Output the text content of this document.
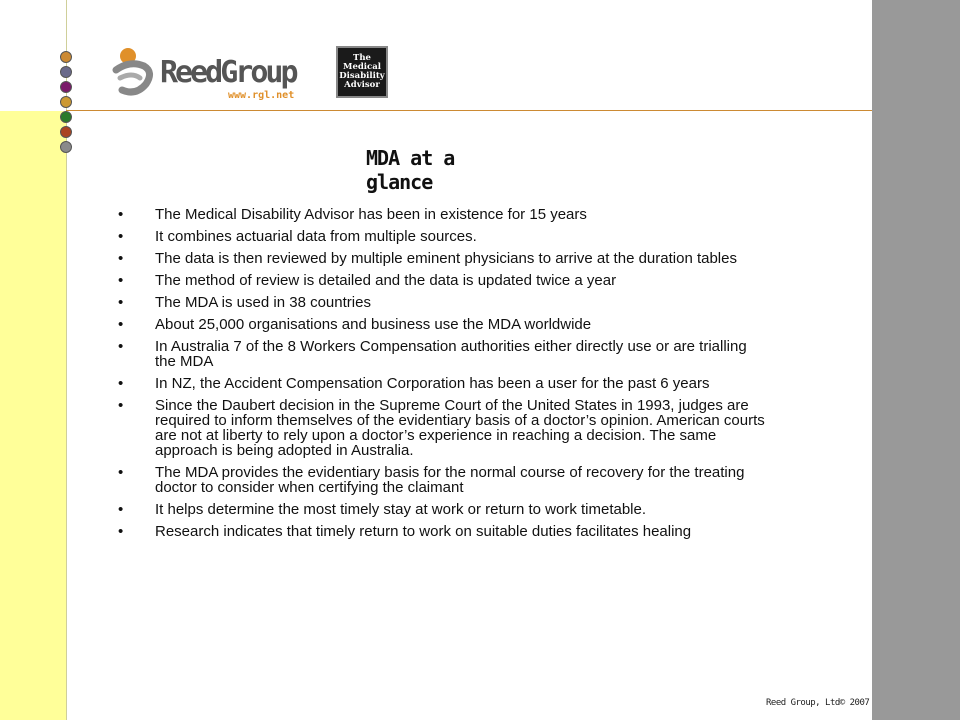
ReedGroup
www.rgl.net
The
Medical
Disability
Advisor
MDA at a glance
• The Medical Disability Advisor has been in existence for 15 years
• It combines actuarial data from multiple sources.
• The data is then reviewed by multiple eminent physicians to arrive at the duration tables
• The method of review is detailed and the data is updated twice a year
• The MDA is used in 38 countries
• About 25,000 organisations and business use the MDA worldwide
• In Australia 7 of the 8 Workers Compensation authorities either directly use or are trialling the MDA
• In NZ, the Accident Compensation Corporation has been a user for the past 6 years
• Since the Daubert decision in the Supreme Court of the United States in 1993, judges are required to inform themselves of the evidentiary basis of a doctor’s opinion. American courts are not at liberty to rely upon a doctor’s experience in reaching a decision. The same approach is being adopted in Australia.
• The MDA provides the evidentiary basis for the normal course of recovery for the treating doctor to consider when certifying the claimant
• It helps determine the most timely stay at work or return to work timetable.
• Research indicates that timely return to work on suitable duties facilitates healing
Reed Group, Ltd© 2007
